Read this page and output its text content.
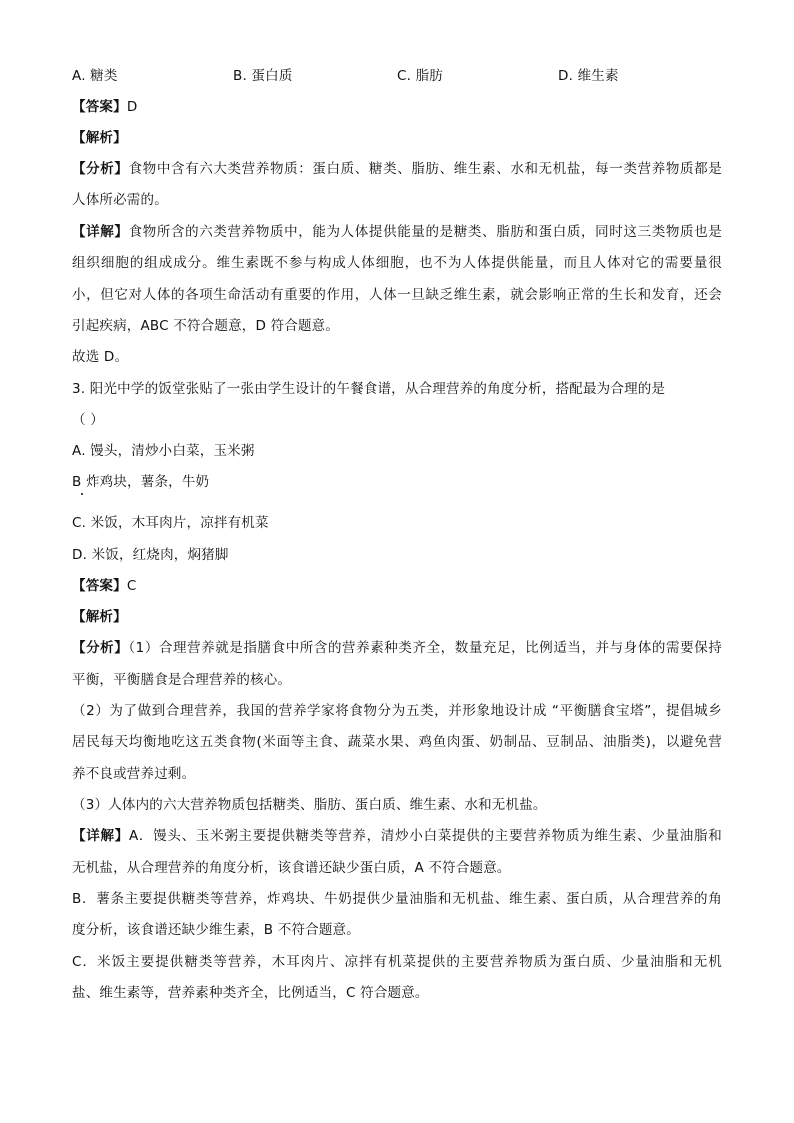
A. 糖类	B. 蛋白质	C. 脂肪	D. 维生素
【答案】D
【解析】
【分析】食物中含有六大类营养物质：蛋白质、糖类、脂肪、维生素、水和无机盐，每一类营养物质都是
人体所必需的。
【详解】食物所含的六类营养物质中，能为人体提供能量的是糖类、脂肪和蛋白质，同时这三类物质也是
组织细胞的组成成分。维生素既不参与构成人体细胞，也不为人体提供能量，而且人体对它的需要量很
小，但它对人体的各项生命活动有重要的作用，人体一旦缺乏维生素，就会影响正常的生长和发育，还会
引起疾病，ABC 不符合题意，D 符合题意。
故选 D。
3. 阳光中学的饭堂张贴了一张由学生设计的午餐食谱，从合理营养的角度分析，搭配最为合理的是
（ ）
A. 馒头，清炒小白菜，玉米粥
B 炸鸡块，薯条，牛奶
C. 米饭，木耳肉片，凉拌有机菜
D. 米饭，红烧肉，焖猪脚
【答案】C
【解析】
【分析】（1）合理营养就是指膳食中所含的营养素种类齐全，数量充足，比例适当，并与身体的需要保持
平衡，平衡膳食是合理营养的核心。
（2）为了做到合理营养，我国的营养学家将食物分为五类，并形象地设计成 “平衡膳食宝塔”，提倡城乡
居民每天均衡地吃这五类食物(米面等主食、蔬菜水果、鸡鱼肉蛋、奶制品、豆制品、油脂类)，以避免营
养不良或营养过剩。
（3）人体内的六大营养物质包括糖类、脂肪、蛋白质、维生素、水和无机盐。
【详解】A．馒头、玉米粥主要提供糖类等营养，清炒小白菜提供的主要营养物质为维生素、少量油脂和
无机盐，从合理营养的角度分析，该食谱还缺少蛋白质，A 不符合题意。
B．薯条主要提供糖类等营养，炸鸡块、牛奶提供少量油脂和无机盐、维生素、蛋白质，从合理营养的角
度分析，该食谱还缺少维生素，B 不符合题意。
C．米饭主要提供糖类等营养，木耳肉片、凉拌有机菜提供的主要营养物质为蛋白质、少量油脂和无机
盐、维生素等，营养素种类齐全，比例适当，C 符合题意。
